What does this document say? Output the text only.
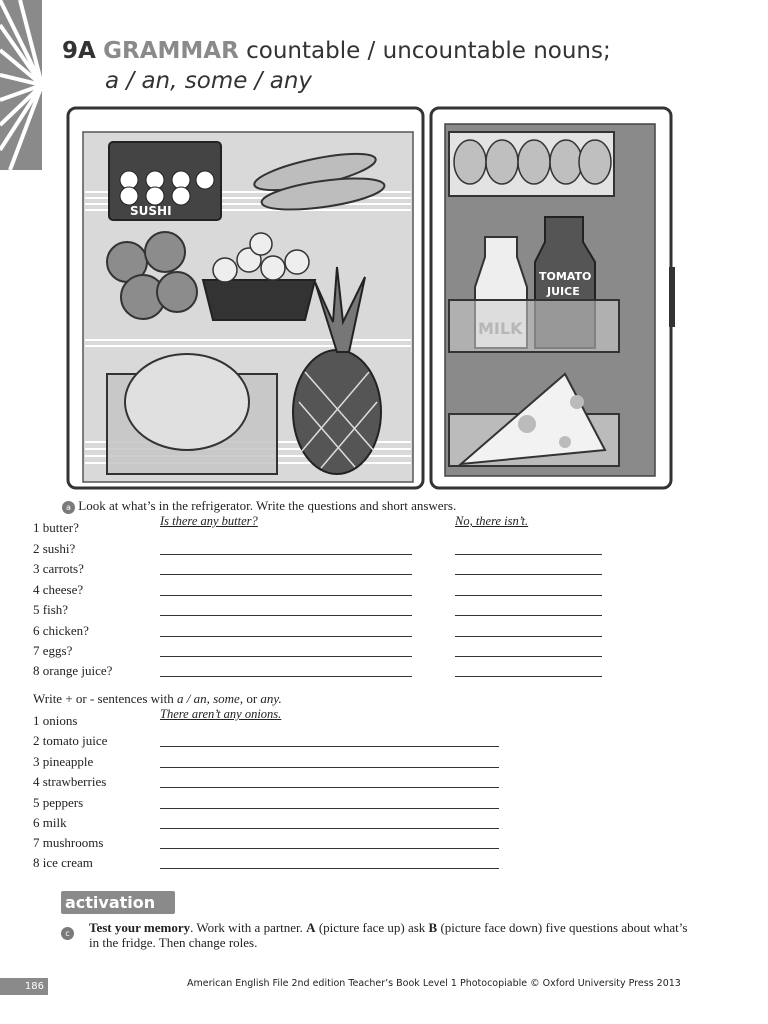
9A GRAMMAR countable / uncountable nouns;
a / an, some / any
SUSHI
TOMATO
JUICE
a Look at what’s in the refrigerator. Write the questions and short answers.
1 butter?	Is there any butter?	No, there isn’t.
2 sushi?
3 carrots?
4 cheese?
5 fish?
6 chicken?
7 eggs?
8 orange juice?
Write + or - sentences with a / an, some, or any.
1 onions	There aren’t any onions.
2 tomato juice
3 pineapple
4 strawberries
5 peppers
6 milk
7 mushrooms
8 ice cream
activation
c	Test your memory. Work with a partner. A (picture face up) ask B (picture face down) five questions about what’s in the fridge. Then change roles.
186	American English File 2nd edition Teacher’s Book Level 1 Photocopiable © Oxford University Press 2013
